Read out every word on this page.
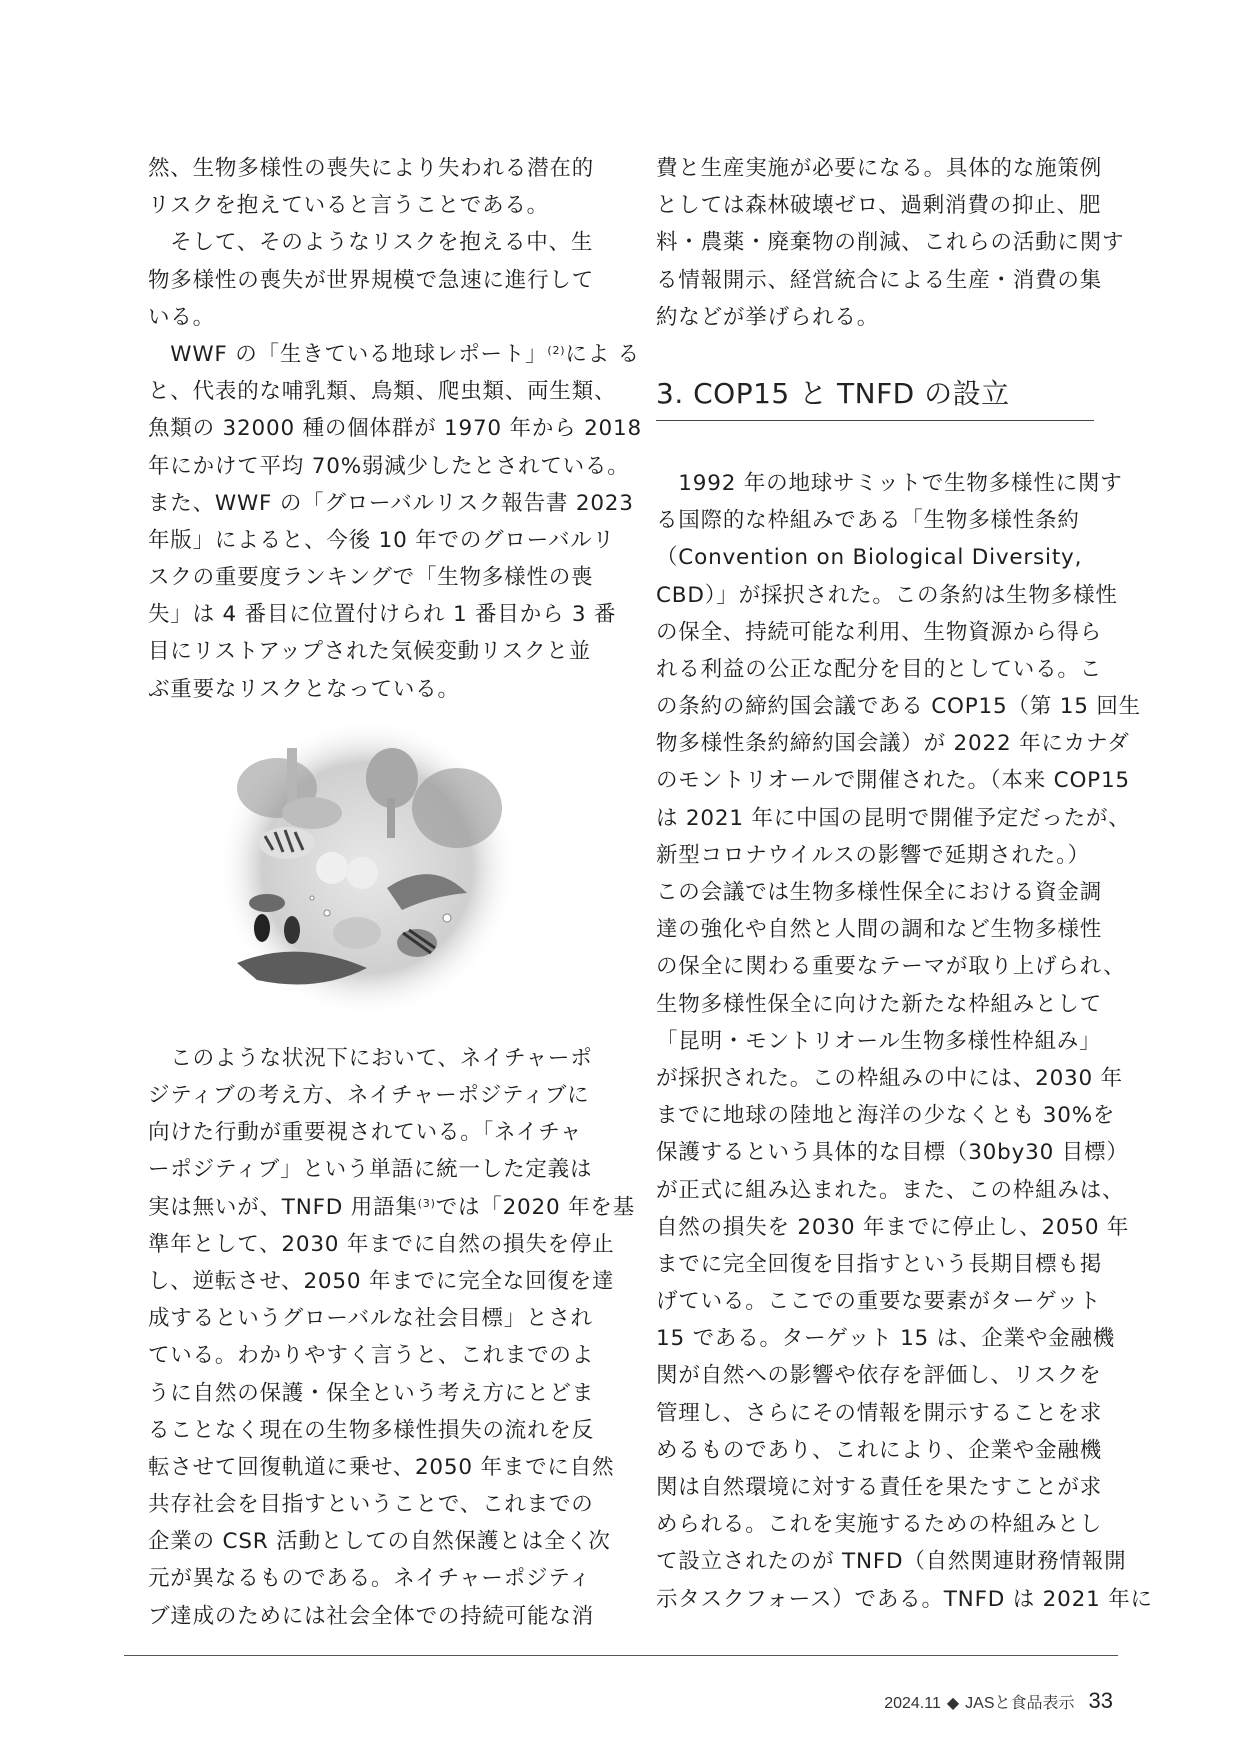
然、生物多様性の喪失により失われる潜在的
リスクを抱えていると言うことである。
　そして、そのようなリスクを抱える中、生
物多様性の喪失が世界規模で急速に進行して
いる。
　WWF の「生きている地球レポート」$^{(2)}$によ る
と、代表的な哺乳類、鳥類、爬虫類、両生類、
魚類の 32000 種の個体群が 1970 年から 2018
年にかけて平均 70%弱減少したとされている。
また、WWF の「グローバルリスク報告書 2023
年版」によると、今後 10 年でのグローバルリ
スクの重要度ランキングで「生物多様性の喪
失」は 4 番目に位置付けられ 1 番目から 3 番
目にリストアップされた気候変動リスクと並
ぶ重要なリスクとなっている。
　このような状況下において、ネイチャーポ
ジティブの考え方、ネイチャーポジティブに
向けた行動が重要視されている。「ネイチャ
ーポジティブ」という単語に統一した定義は
実は無いが、TNFD 用語集$^{(3)}$では「2020 年を基
準年として、2030 年までに自然の損失を停止
し、逆転させ、2050 年までに完全な回復を達
成するというグローバルな社会目標」とされ
ている。わかりやすく言うと、これまでのよ
うに自然の保護・保全という考え方にとどま
ることなく現在の生物多様性損失の流れを反
転させて回復軌道に乗せ、2050 年までに自然
共存社会を目指すということで、これまでの
企業の CSR 活動としての自然保護とは全く次
元が異なるものである。ネイチャーポジティ
ブ達成のためには社会全体での持続可能な消
費と生産実施が必要になる。具体的な施策例
としては森林破壊ゼロ、過剰消費の抑止、肥
料・農薬・廃棄物の削減、これらの活動に関す
る情報開示、経営統合による生産・消費の集
約などが挙げられる。
3. COP15 と TNFD の設立
　1992 年の地球サミットで生物多様性に関す
る国際的な枠組みである「生物多様性条約
（Convention on Biological Diversity,
CBD）」が採択された。この条約は生物多様性
の保全、持続可能な利用、生物資源から得ら
れる利益の公正な配分を目的としている。こ
の条約の締約国会議である COP15（第 15 回生
物多様性条約締約国会議）が 2022 年にカナダ
のモントリオールで開催された。（本来 COP15
は 2021 年に中国の昆明で開催予定だったが、
新型コロナウイルスの影響で延期された。）
この会議では生物多様性保全における資金調
達の強化や自然と人間の調和など生物多様性
の保全に関わる重要なテーマが取り上げられ、
生物多様性保全に向けた新たな枠組みとして
「昆明・モントリオール生物多様性枠組み」
が採択された。この枠組みの中には、2030 年
までに地球の陸地と海洋の少なくとも 30%を
保護するという具体的な目標（30by30 目標）
が正式に組み込まれた。また、この枠組みは、
自然の損失を 2030 年までに停止し、2050 年
までに完全回復を目指すという長期目標も掲
げている。ここでの重要な要素がターゲット
15 である。ターゲット 15 は、企業や金融機
関が自然への影響や依存を評価し、リスクを
管理し、さらにその情報を開示することを求
めるものであり、これにより、企業や金融機
関は自然環境に対する責任を果たすことが求
められる。これを実施するための枠組みとし
て設立されたのが TNFD（自然関連財務情報開
示タスクフォース）である。TNFD は 2021 年に
2024.11 ◆ JASと食品表示 33
